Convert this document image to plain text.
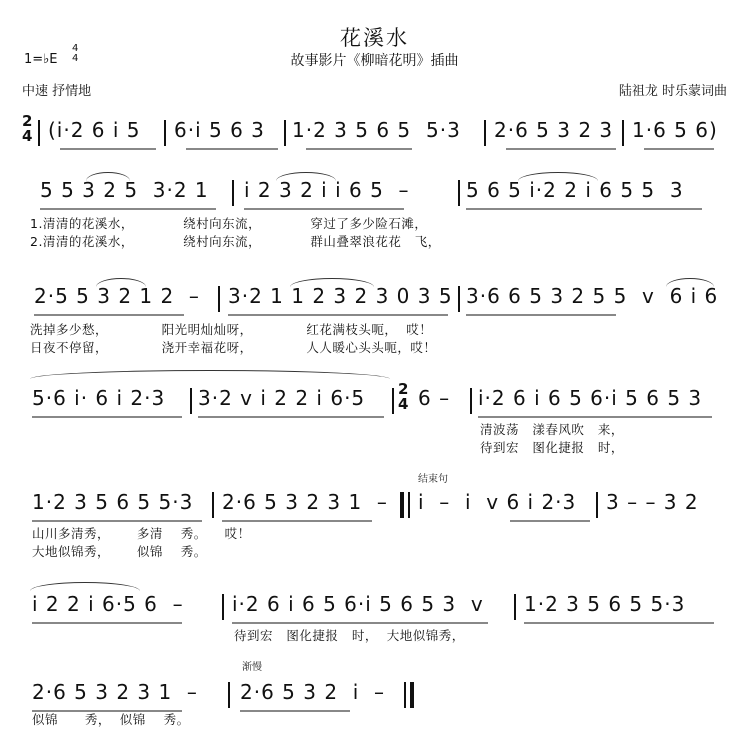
花溪水
故事影片《柳暗花明》插曲
1=♭E
4
4
中速 抒情地	陆祖龙 时乐蒙词曲
2
4 (i·2 6 i 5 6·i 5 6 3 1·2 3 5 6 5 5·3 2·6 5 3 2 3 1·6 5 6)
5 5 3 2 5  3·2 1 i 2 3 2 i i 6 5  –	5 6 5 i·2 2 i 6 5 5  3
1.清清的花溪水，           绕村向东流，           穿过了多少险石滩，
2.清清的花溪水，           绕村向东流，           群山叠翠浪花花   飞，
2·5 5 3 2 1 2  – 3·2 1 1 2 3 2 3 0 3 5 3·6 6 5 3 2 5 5  v  6 i 6
洗掉多少愁，            阳光明灿灿呀，            红花满枝头呃，  哎！
日夜不停留，            浇开幸福花呀，            人人暖心头头呃，哎！
5·6 i· 6 i 2·3 3·2 v i 2 2 i 6·5 2
4 6 – i·2 6 i 6 5 6·i 5 6 5 3
清波荡   漾春风吹   来，
待到宏   图化捷报   时，
1·2 3 5 6 5 5·3 2·6 5 3 2 3 1  –
结束句
i  –  i  v 6 i 2·3 3 – – 3 2
山川多清秀，      多清    秀。    哎！
大地似锦秀，      似锦    秀。
i 2 2 i 6·5 6  – i·2 6 i 6 5 6·i 5 6 5 3  v 1·2 3 5 6 5 5·3
待到宏   图化捷报   时，  大地似锦秀，
2·6 5 3 2 3 1  –
渐慢
2·6 5 3 2  i  –
似锦      秀，  似锦    秀。
